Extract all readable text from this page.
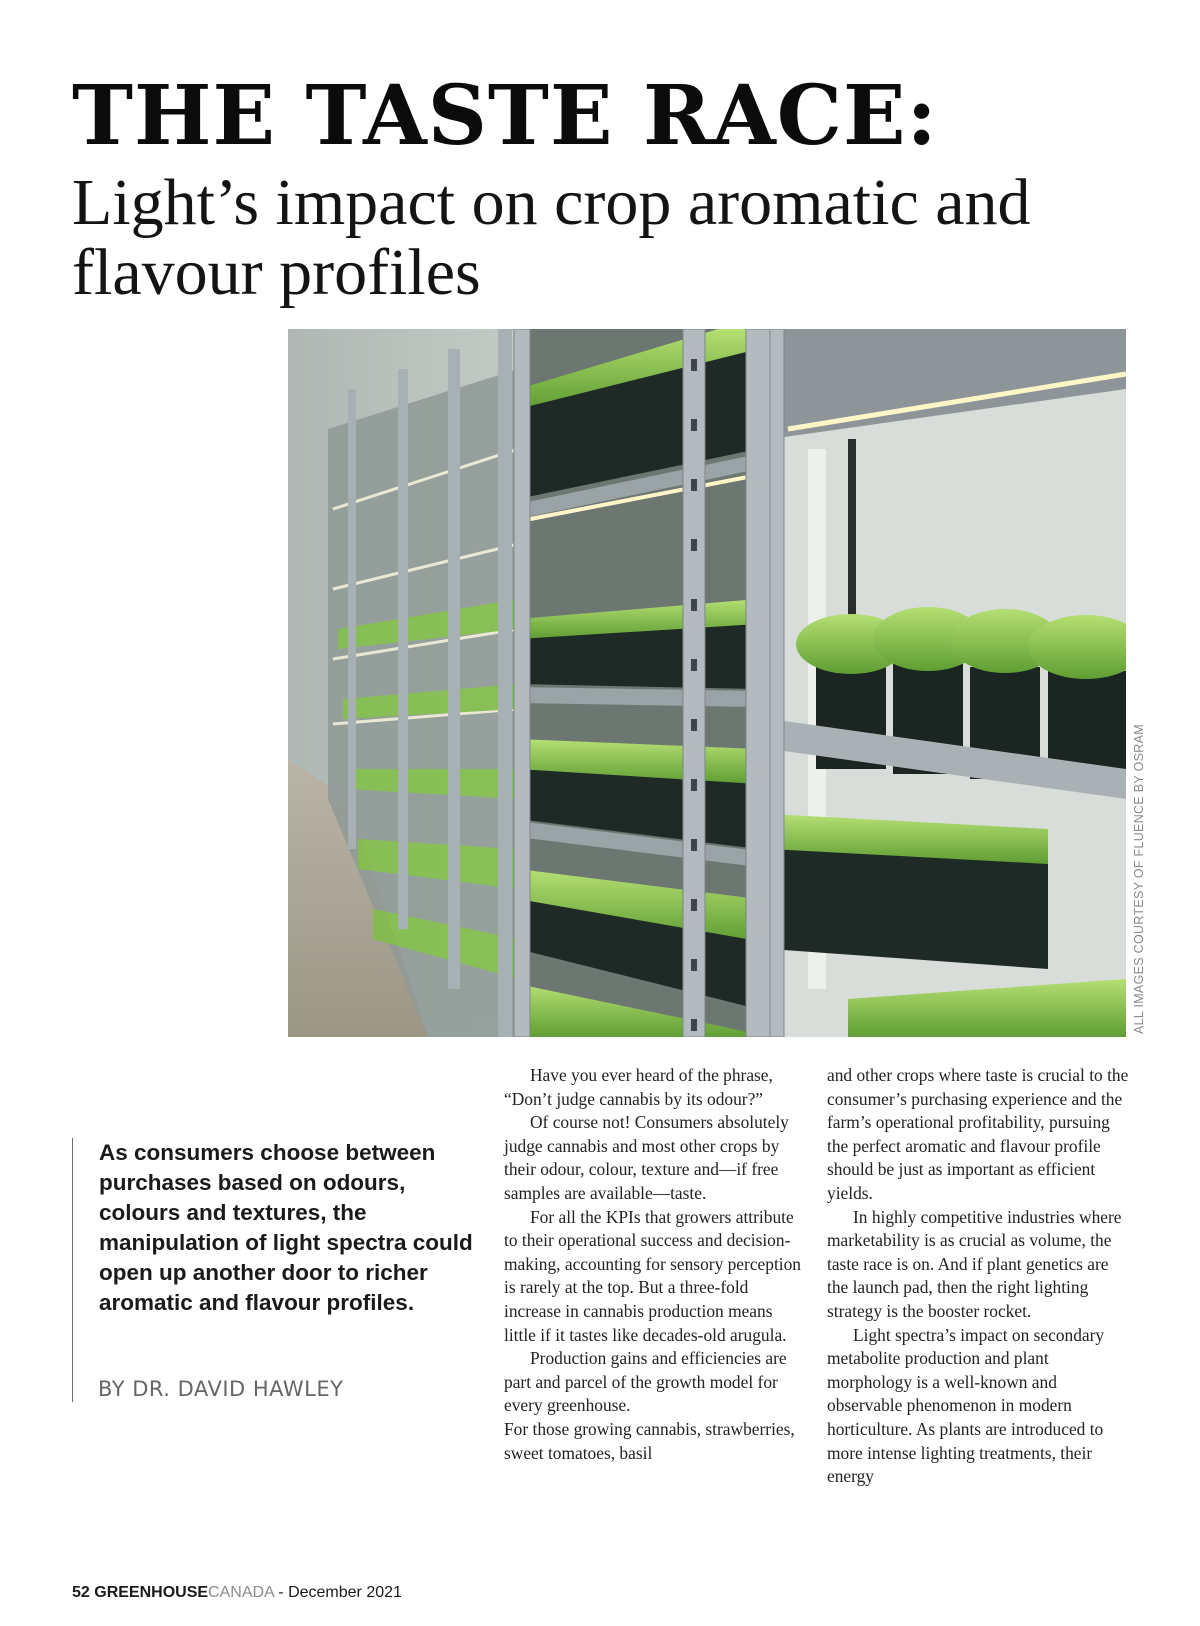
THE TASTE RACE:
Light’s impact on crop aromatic and flavour profiles
ALL IMAGES COURTESY OF FLUENCE BY OSRAM

As consumers choose between purchases based on odours, colours and textures, the manipulation of light spectra could open up another door to richer aromatic and flavour profiles.

BY DR. DAVID HAWLEY

Have you ever heard of the phrase, “Don’t judge cannabis by its odour?”

Of course not! Consumers absolutely judge cannabis and most other crops by their odour, colour, texture and—if free samples are available—taste.

For all the KPIs that growers attribute to their operational success and decision-making, accounting for sensory perception is rarely at the top. But a three-fold increase in cannabis production means little if it tastes like decades-old arugula.

Production gains and efficiencies are part and parcel of the growth model for every greenhouse.

For those growing cannabis, strawberries, sweet tomatoes, basil

and other crops where taste is crucial to the consumer’s purchasing experience and the farm’s operational profitability, pursuing the perfect aromatic and flavour profile should be just as important as efficient yields.

In highly competitive industries where marketability is as crucial as volume, the taste race is on. And if plant genetics are the launch pad, then the right lighting strategy is the booster rocket.

Light spectra’s impact on secondary metabolite production and plant morphology is a well-known and observable phenomenon in modern horticulture. As plants are introduced to more intense lighting treatments, their energy

52 GREENHOUSECANADA - December 2021
